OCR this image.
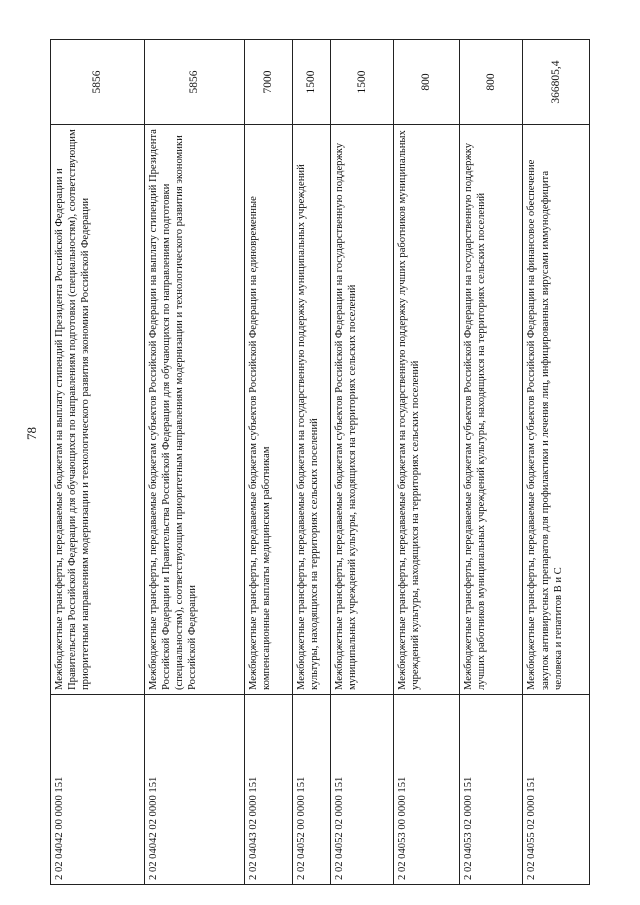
78
2 02 04042 00 0000 151	Межбюджетные трансферты, передаваемые бюджетам на выплату стипендий Президента Российской Федерации и Правительства Российской Федерации для обучающихся по направлениям подготовки (специальностям), соответствующим приоритетным направлениям модернизации и технологического развития экономики Российской Федерации	5856
2 02 04042 02 0000 151	Межбюджетные трансферты, передаваемые бюджетам субъектов Российской Федерации на выплату стипендий Президента Российской Федерации и Правительства Российской Федерации для обучающихся по направлениям подготовки (специальностям), соответствующим приоритетным направлениям модернизации и технологического развития экономики Российской Федерации	5856
2 02 04043 02 0000 151	Межбюджетные трансферты, передаваемые бюджетам субъектов Российской Федерации на единовременные компенсационные выплаты медицинским работникам	7000
2 02 04052 00 0000 151	Межбюджетные трансферты, передаваемые бюджетам на государственную поддержку муниципальных учреждений культуры, находящихся на территориях сельских поселений	1500
2 02 04052 02 0000 151	Межбюджетные трансферты, передаваемые бюджетам субъектов Российской Федерации на государственную поддержку муниципальных учреждений культуры, находящихся на территориях сельских поселений	1500
2 02 04053 00 0000 151	Межбюджетные трансферты, передаваемые бюджетам на государственную поддержку лучших работников муниципальных учреждений культуры, находящихся на территориях сельских поселений	800
2 02 04053 02 0000 151	Межбюджетные трансферты, передаваемые бюджетам субъектов Российской Федерации на государственную поддержку лучших работников муниципальных учреждений культуры, находящихся на территориях сельских поселений	800
2 02 04055 02 0000 151	Межбюджетные трансферты, передаваемые бюджетам субъектов Российской Федерации на финансовое обеспечение закупок антивирусных препаратов для профилактики и лечения лиц, инфицированных вирусами иммунодефицита человека и гепатитов В и С	366805,4
